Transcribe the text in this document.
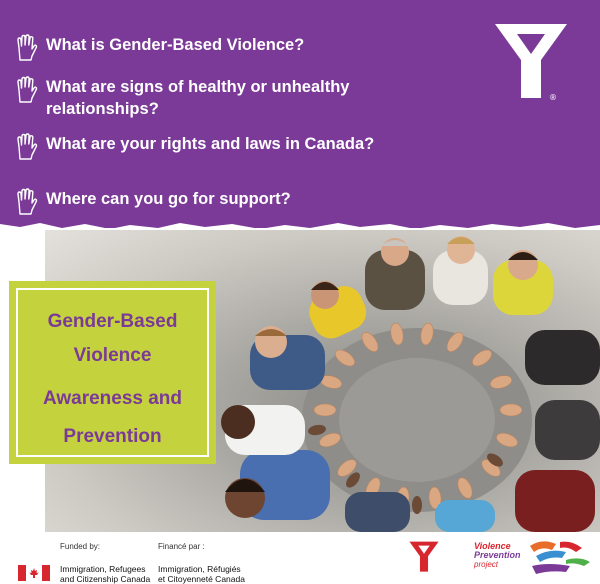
What is Gender-Based Violence?
What are signs of healthy or unhealthy relationships?
What are your rights and laws in Canada?
Where can you go for support?
®
Gender-Based
Violence
Awareness and
Prevention
Funded by:	Financé par :
Immigration, Refugees
and Citizenship Canada
Immigration, Réfugiés
et Citoyenneté Canada
Violence
Prevention
project
